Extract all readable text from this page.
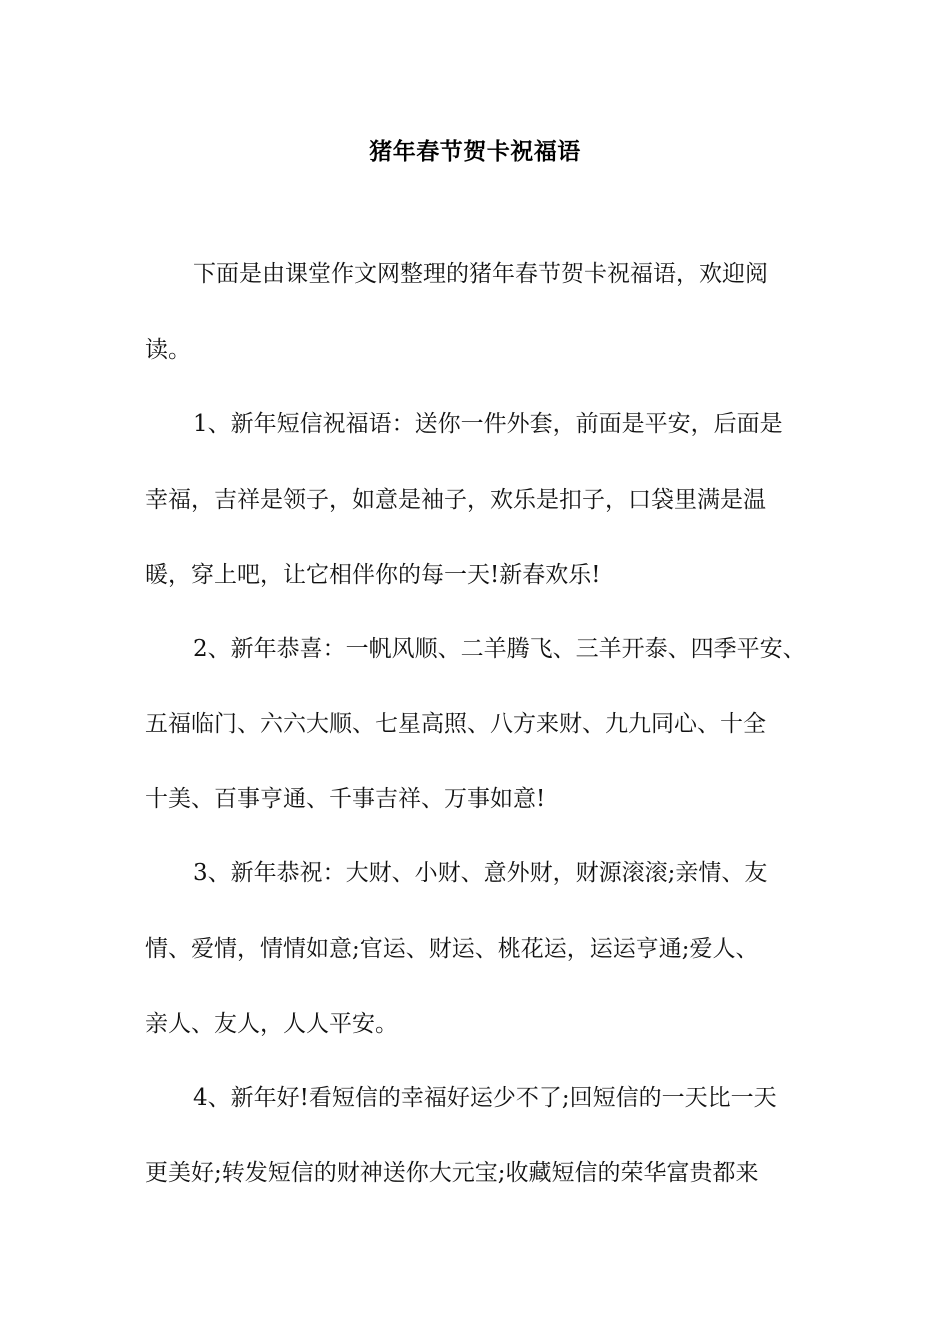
猪年春节贺卡祝福语
下面是由课堂作文网整理的猪年春节贺卡祝福语，欢迎阅
读。
1、新年短信祝福语：送你一件外套，前面是平安，后面是
幸福，吉祥是领子，如意是袖子，欢乐是扣子，口袋里满是温
暖，穿上吧，让它相伴你的每一天!新春欢乐!
2、新年恭喜：一帆风顺、二羊腾飞、三羊开泰、四季平安、
五福临门、六六大顺、七星高照、八方来财、九九同心、十全
十美、百事亨通、千事吉祥、万事如意!
3、新年恭祝：大财、小财、意外财，财源滚滚;亲情、友
情、爱情，情情如意;官运、财运、桃花运，运运亨通;爱人、
亲人、友人，人人平安。
4、新年好!看短信的幸福好运少不了;回短信的一天比一天
更美好;转发短信的财神送你大元宝;收藏短信的荣华富贵都来
